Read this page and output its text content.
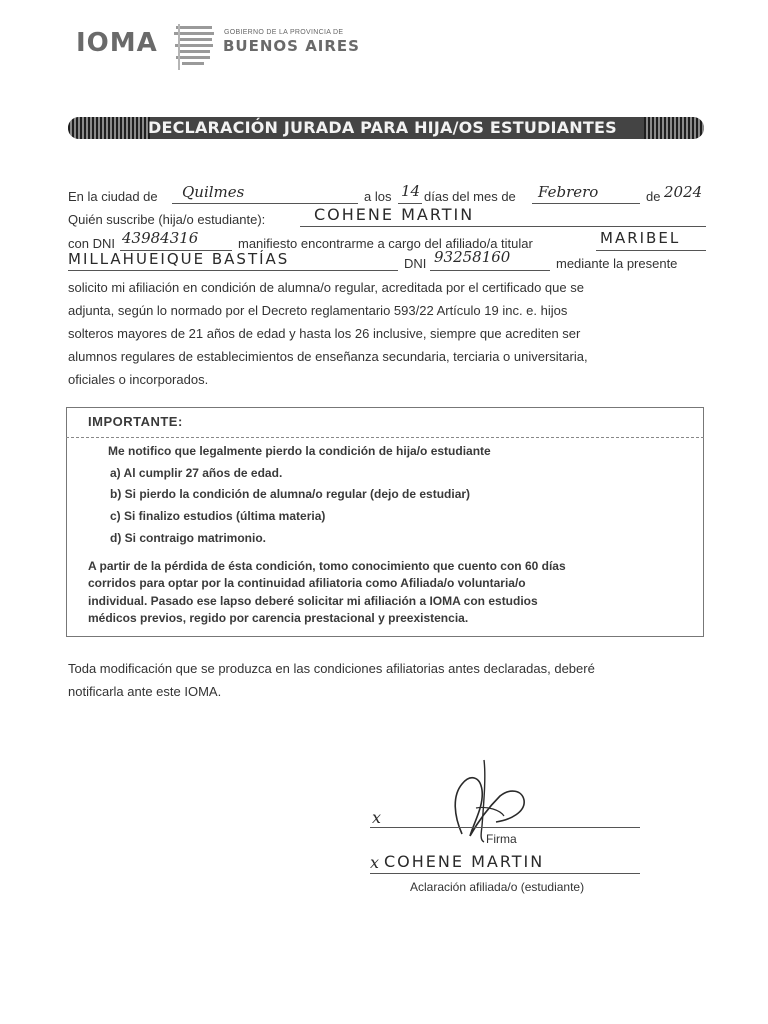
IOMA	GOBIERNO DE LA PROVINCIA DE
BUENOS AIRES
DECLARACIÓN JURADA PARA HIJA/OS ESTUDIANTES
En la ciudad de Quilmes	a los 14 días del mes de Febrero	de 2024
Quién suscribe (hija/o estudiante):	COHENE MARTIN
con DNI 43984316	manifiesto encontrarme a cargo del afiliado/a titular	MARIBEL
MILLAHUEIQUE BASTÍAS	DNI 93258160	mediante la presente
solicito mi afiliación en condición de alumna/o regular, acreditada por el certificado que se
adjunta, según lo normado por el Decreto reglamentario 593/22 Artículo 19 inc. e. hijos
solteros mayores de 21 años de edad y hasta los 26 inclusive, siempre que acrediten ser
alumnos regulares de establecimientos de enseñanza secundaria, terciaria o universitaria,
oficiales o incorporados.
IMPORTANTE:
Me notifico que legalmente pierdo la condición de hija/o estudiante
a) Al cumplir 27 años de edad.
b) Si pierdo la condición de alumna/o regular (dejo de estudiar)
c) Si finalizo estudios (última materia)
d) Si contraigo matrimonio.
A partir de la pérdida de ésta condición, tomo conocimiento que cuento con 60 días
corridos para optar por la continuidad afiliatoria como Afiliada/o voluntaria/o
individual. Pasado ese lapso deberé solicitar mi afiliación a IOMA con estudios
médicos previos, regido por carencia prestacional y preexistencia.
Toda modificación que se produzca en las condiciones afiliatorias antes declaradas, deberé
notificarla ante este IOMA.
x
Firma
x COHENE MARTIN
Aclaración afiliada/o (estudiante)
